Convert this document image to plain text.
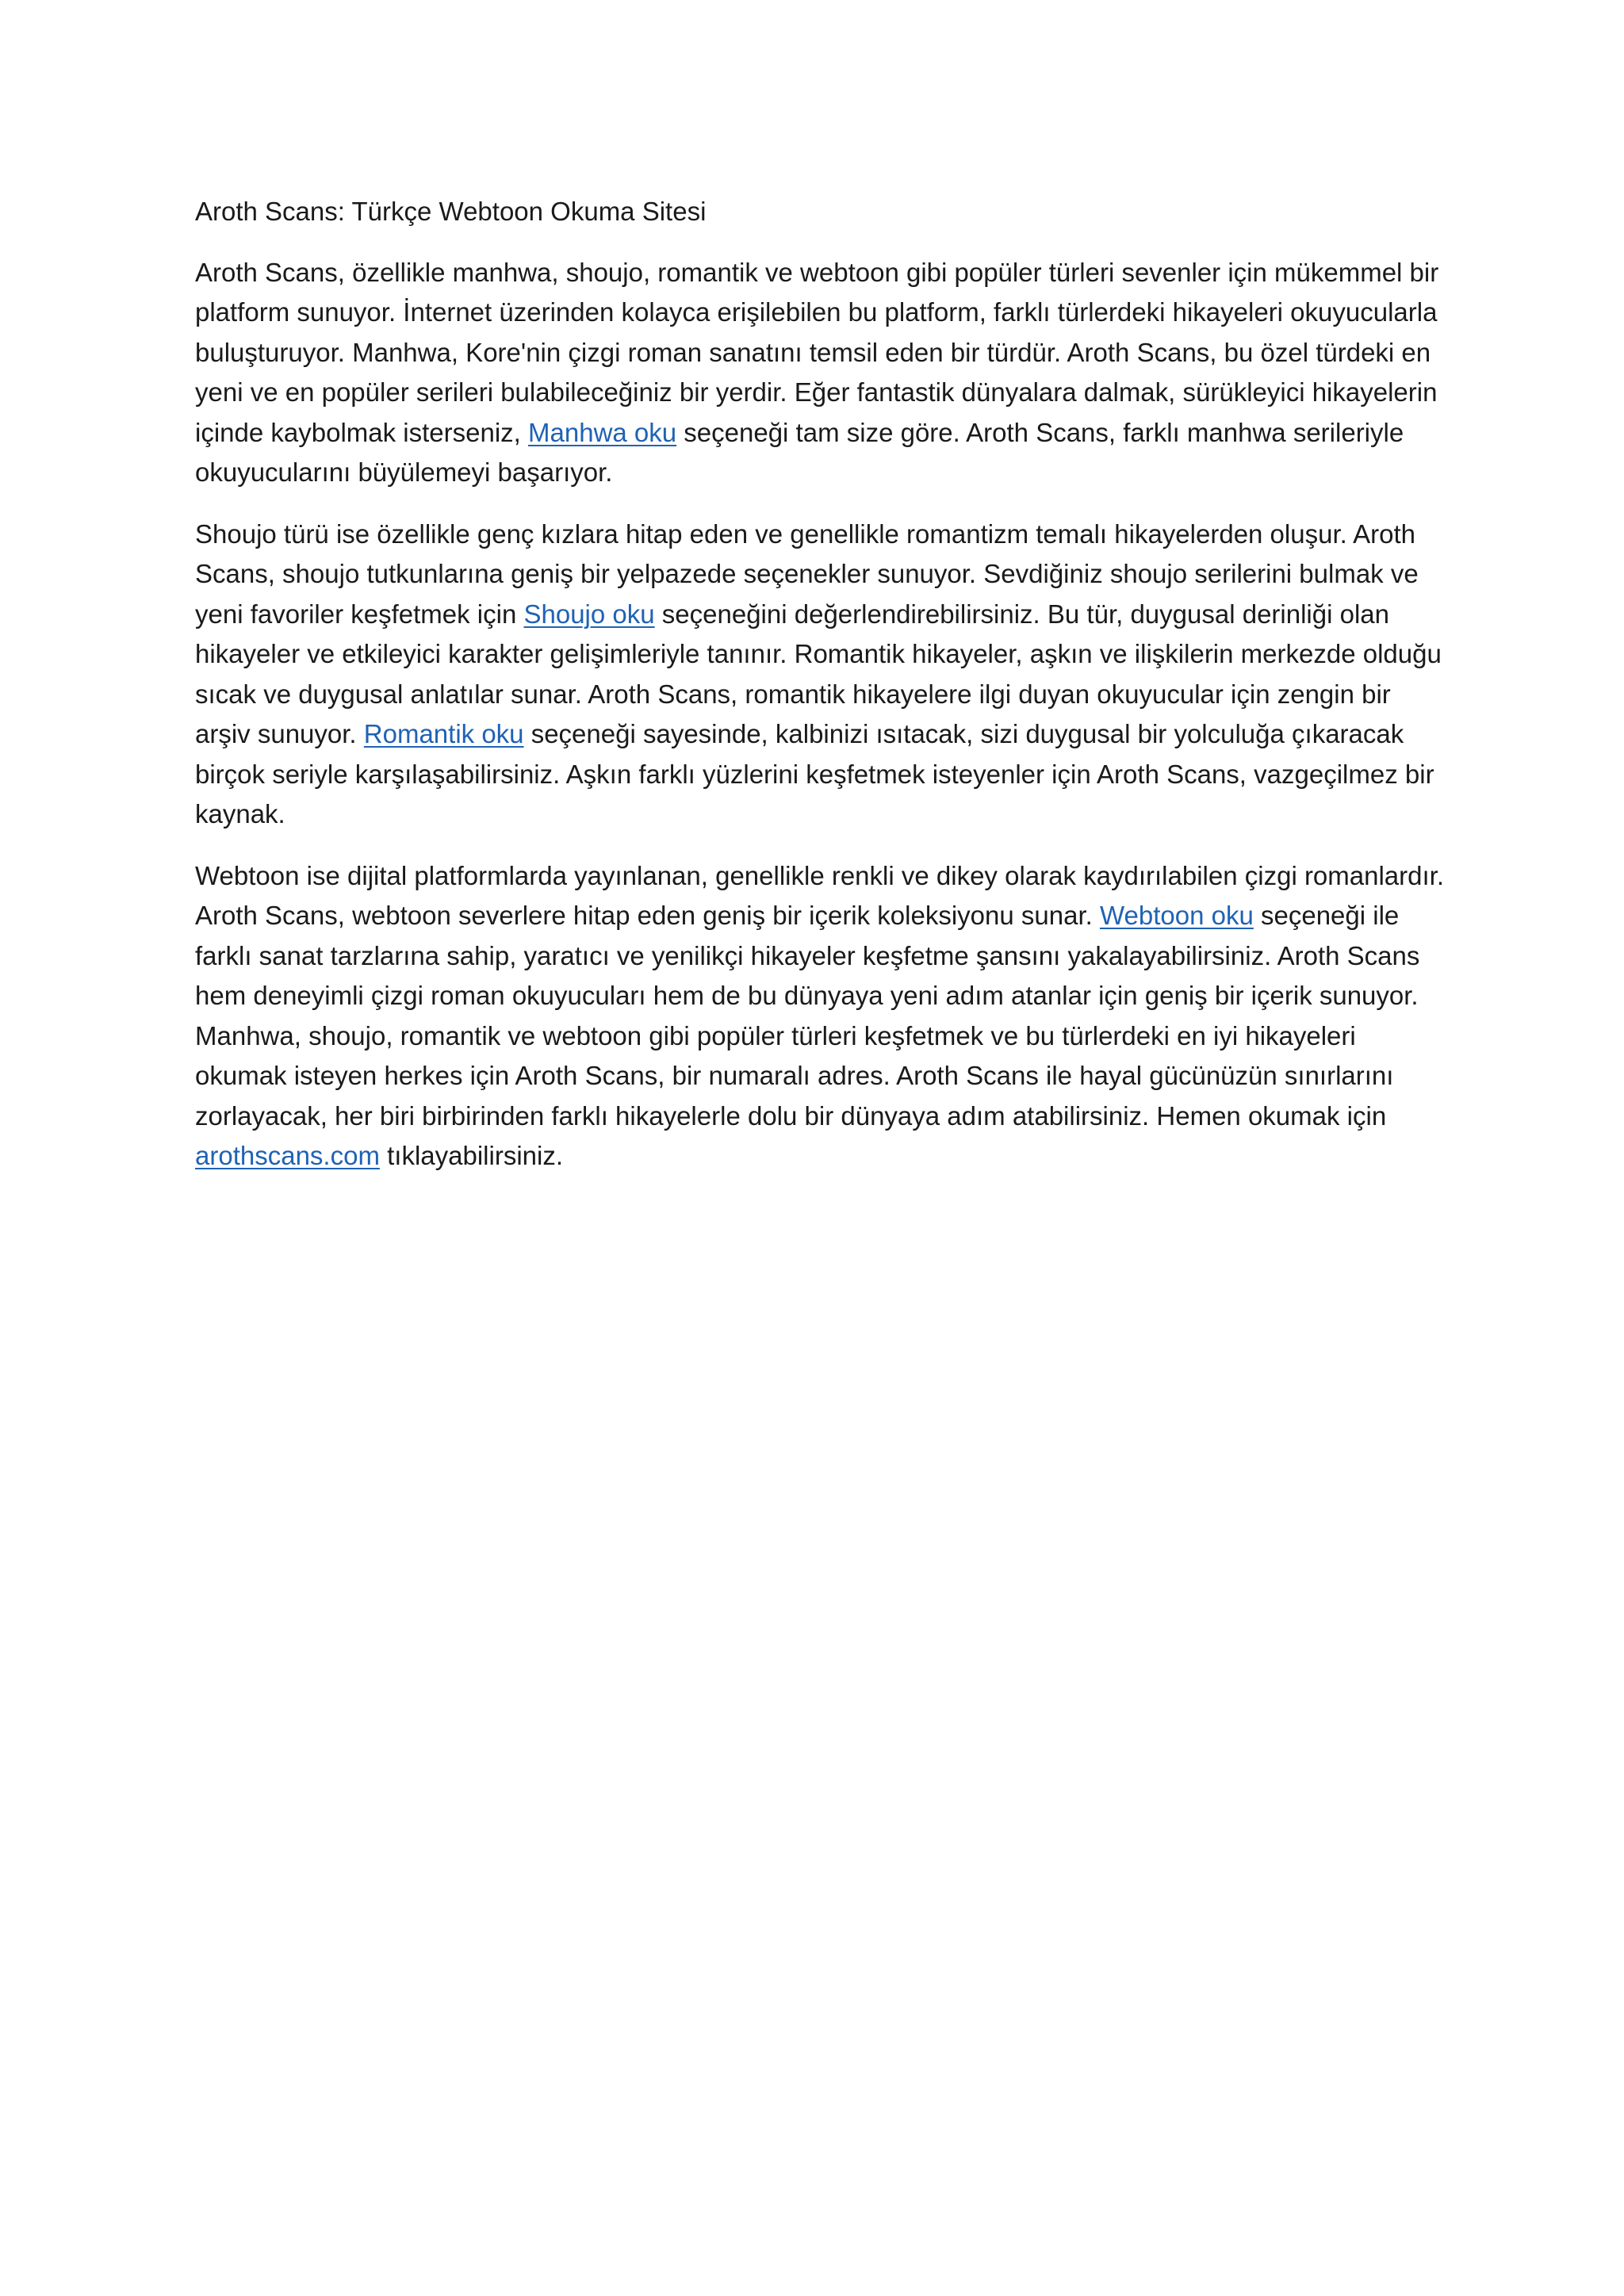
Aroth Scans: Türkçe Webtoon Okuma Sitesi

Aroth Scans, özellikle manhwa, shoujo, romantik ve webtoon gibi popüler türleri sevenler için mükemmel bir platform sunuyor. İnternet üzerinden kolayca erişilebilen bu platform, farklı türlerdeki hikayeleri okuyucularla buluşturuyor. Manhwa, Kore'nin çizgi roman sanatını temsil eden bir türdür. Aroth Scans, bu özel türdeki en yeni ve en popüler serileri bulabileceğiniz bir yerdir. Eğer fantastik dünyalara dalmak, sürükleyici hikayelerin içinde kaybolmak isterseniz, Manhwa oku seçeneği tam size göre. Aroth Scans, farklı manhwa serileriyle okuyucularını büyülemeyi başarıyor.

Shoujo türü ise özellikle genç kızlara hitap eden ve genellikle romantizm temalı hikayelerden oluşur. Aroth Scans, shoujo tutkunlarına geniş bir yelpazede seçenekler sunuyor. Sevdiğiniz shoujo serilerini bulmak ve yeni favoriler keşfetmek için Shoujo oku seçeneğini değerlendirebilirsiniz. Bu tür, duygusal derinliği olan hikayeler ve etkileyici karakter gelişimleriyle tanınır. Romantik hikayeler, aşkın ve ilişkilerin merkezde olduğu sıcak ve duygusal anlatılar sunar. Aroth Scans, romantik hikayelere ilgi duyan okuyucular için zengin bir arşiv sunuyor. Romantik oku seçeneği sayesinde, kalbinizi ısıtacak, sizi duygusal bir yolculuğa çıkaracak birçok seriyle karşılaşabilirsiniz. Aşkın farklı yüzlerini keşfetmek isteyenler için Aroth Scans, vazgeçilmez bir kaynak.

Webtoon ise dijital platformlarda yayınlanan, genellikle renkli ve dikey olarak kaydırılabilen çizgi romanlardır. Aroth Scans, webtoon severlere hitap eden geniş bir içerik koleksiyonu sunar. Webtoon oku seçeneği ile farklı sanat tarzlarına sahip, yaratıcı ve yenilikçi hikayeler keşfetme şansını yakalayabilirsiniz. Aroth Scans hem deneyimli çizgi roman okuyucuları hem de bu dünyaya yeni adım atanlar için geniş bir içerik sunuyor. Manhwa, shoujo, romantik ve webtoon gibi popüler türleri keşfetmek ve bu türlerdeki en iyi hikayeleri okumak isteyen herkes için Aroth Scans, bir numaralı adres. Aroth Scans ile hayal gücünüzün sınırlarını zorlayacak, her biri birbirinden farklı hikayelerle dolu bir dünyaya adım atabilirsiniz. Hemen okumak için arothscans.com tıklayabilirsiniz.
